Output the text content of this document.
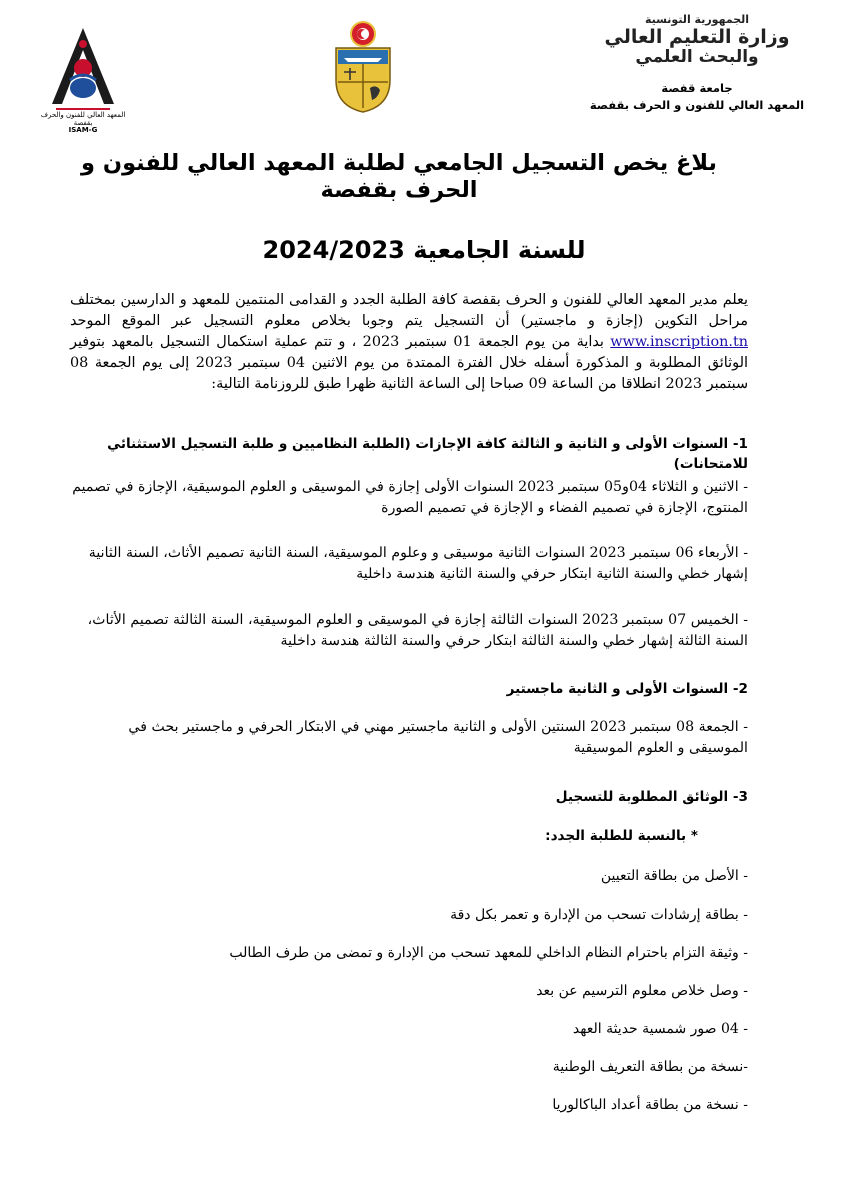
المعهد العالي للفنون والحرف بقفصة
ISAM-G
الجمهورية التونسية
وزارة التعليم العالي
والبحث العلمي
جامعة قفصة
المعهد العالي للفنون و الحرف بقفصة
بلاغ يخص التسجيل الجامعي لطلبة المعهد العالي للفنون و الحرف بقفصة
للسنة الجامعية 2024/2023
يعلم مدير المعهد العالي للفنون و الحرف بقفصة كافة الطلبة الجدد و القدامى المنتمين للمعهد و الدارسين بمختلف مراحل التكوين (إجازة و ماجستير) أن التسجيل يتم وجوبا بخلاص معلوم التسجيل عبر الموقع الموحد www.inscription.tn بداية من يوم الجمعة 01 سبتمبر 2023 ، و تتم عملية استكمال التسجيل بالمعهد بتوفير الوثائق المطلوبة و المذكورة أسفله خلال الفترة الممتدة من يوم الاثنين 04 سبتمبر 2023 إلى يوم الجمعة 08 سبتمبر 2023 انطلاقا من الساعة 09 صباحا إلى الساعة الثانية ظهرا طبق للروزنامة التالية:
1- السنوات الأولى و الثانية و الثالثة كافة الإجازات (الطلبة النظاميين و طلبة التسجيل الاستثنائي للامتحانات)
- الاثنين و الثلاثاء 04و05 سبتمبر 2023 السنوات الأولى إجازة في الموسيقى و العلوم الموسيقية، الإجازة في تصميم المنتوج، الإجازة في تصميم الفضاء و الإجازة في تصميم الصورة
- الأربعاء 06 سبتمبر 2023 السنوات الثانية موسيقى و وعلوم الموسيقية، السنة الثانية تصميم الأثاث، السنة الثانية إشهار خطي والسنة الثانية ابتكار حرفي والسنة الثانية هندسة داخلية
- الخميس 07 سبتمبر 2023 السنوات الثالثة إجازة في الموسيقى و العلوم الموسيقية، السنة الثالثة تصميم الأثاث، السنة الثالثة إشهار خطي والسنة الثالثة ابتكار حرفي والسنة الثالثة هندسة داخلية
2- السنوات الأولى و الثانية ماجستير
- الجمعة 08 سبتمبر 2023 السنتين الأولى و الثانية ماجستير مهني في الابتكار الحرفي و ماجستير بحث في الموسيقى و العلوم الموسيقية
3- الوثائق المطلوبة للتسجيل
* بالنسبة للطلبة الجدد:
- الأصل من بطاقة التعيين
- بطاقة إرشادات تسحب من الإدارة و تعمر بكل دقة
- وثيقة التزام باحترام النظام الداخلي للمعهد تسحب من الإدارة و تمضى من طرف الطالب
- وصل خلاص معلوم الترسيم عن بعد
- 04 صور شمسية حديثة العهد
-نسخة من بطاقة التعريف الوطنية
- نسخة من بطاقة أعداد الباكالوريا
